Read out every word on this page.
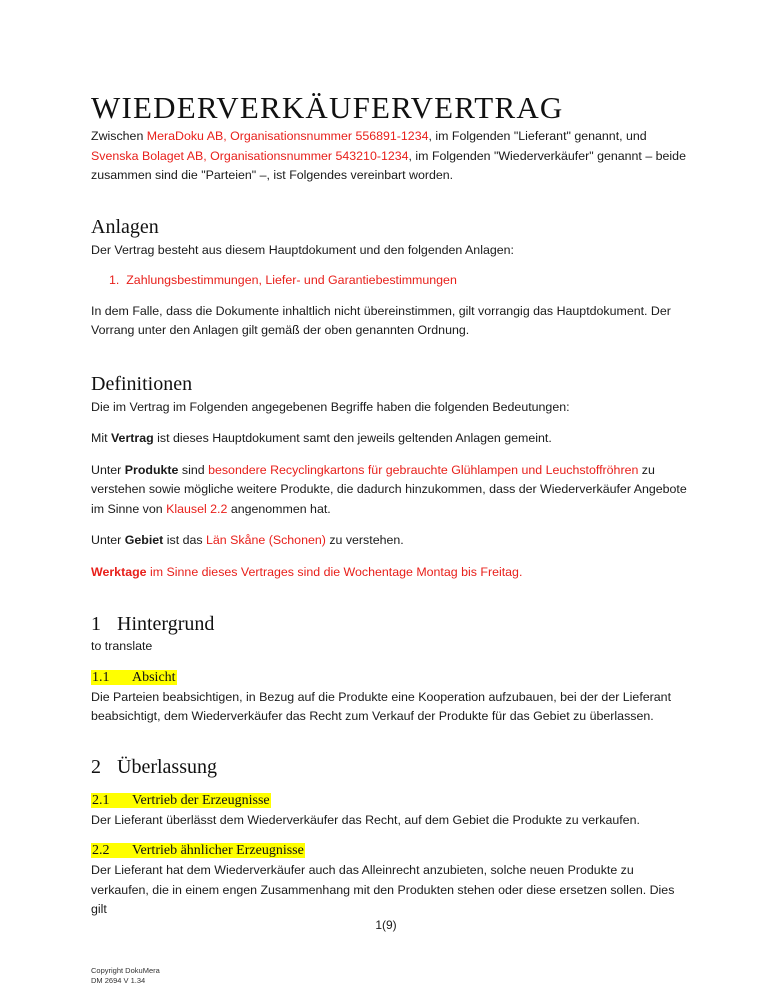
WIEDERVERKÄUFERVERTRAG

Zwischen MeraDoku AB, Organisationsnummer 556891-1234, im Folgenden "Lieferant" genannt, und
Svenska Bolaget AB, Organisationsnummer 543210‑1234, im Folgenden "Wiederverkäufer" genannt – beide
zusammen sind die "Parteien" –, ist Folgendes vereinbart worden.

Anlagen

Der Vertrag besteht aus diesem Hauptdokument und den folgenden Anlagen:

1. Zahlungsbestimmungen, Liefer- und Garantiebestimmungen

In dem Falle, dass die Dokumente inhaltlich nicht übereinstimmen, gilt vorrangig das Hauptdokument. Der
Vorrang unter den Anlagen gilt gemäß der oben genannten Ordnung.

Definitionen

Die im Vertrag im Folgenden angegebenen Begriffe haben die folgenden Bedeutungen:

Mit Vertrag ist dieses Hauptdokument samt den jeweils geltenden Anlagen gemeint.

Unter Produkte sind besondere Recyclingkartons für gebrauchte Glühlampen und Leuchstoffröhren zu
verstehen sowie mögliche weitere Produkte, die dadurch hinzukommen, dass der Wiederverkäufer Angebote
im Sinne von Klausel 2.2 angenommen hat.

Unter Gebiet ist das Län Skåne (Schonen) zu verstehen.

Werktage im Sinne dieses Vertrages sind die Wochentage Montag bis Freitag.

1 Hintergrund

to translate

1.1 Absicht

Die Parteien beabsichtigen, in Bezug auf die Produkte eine Kooperation aufzubauen, bei der der Lieferant
beabsichtigt, dem Wiederverkäufer das Recht zum Verkauf der Produkte für das Gebiet zu überlassen.

2 Überlassung
2.1 Vertrieb der Erzeugnisse

Der Lieferant überlässt dem Wiederverkäufer das Recht, auf dem Gebiet die Produkte zu verkaufen.

2.2 Vertrieb ähnlicher Erzeugnisse

Der Lieferant hat dem Wiederverkäufer auch das Alleinrecht anzubieten, solche neuen Produkte zu
verkaufen, die in einem engen Zusammenhang mit den Produkten stehen oder diese ersetzen sollen. Dies gilt

1(9)
Copyright DokuMera
DM 2694 V 1.34
